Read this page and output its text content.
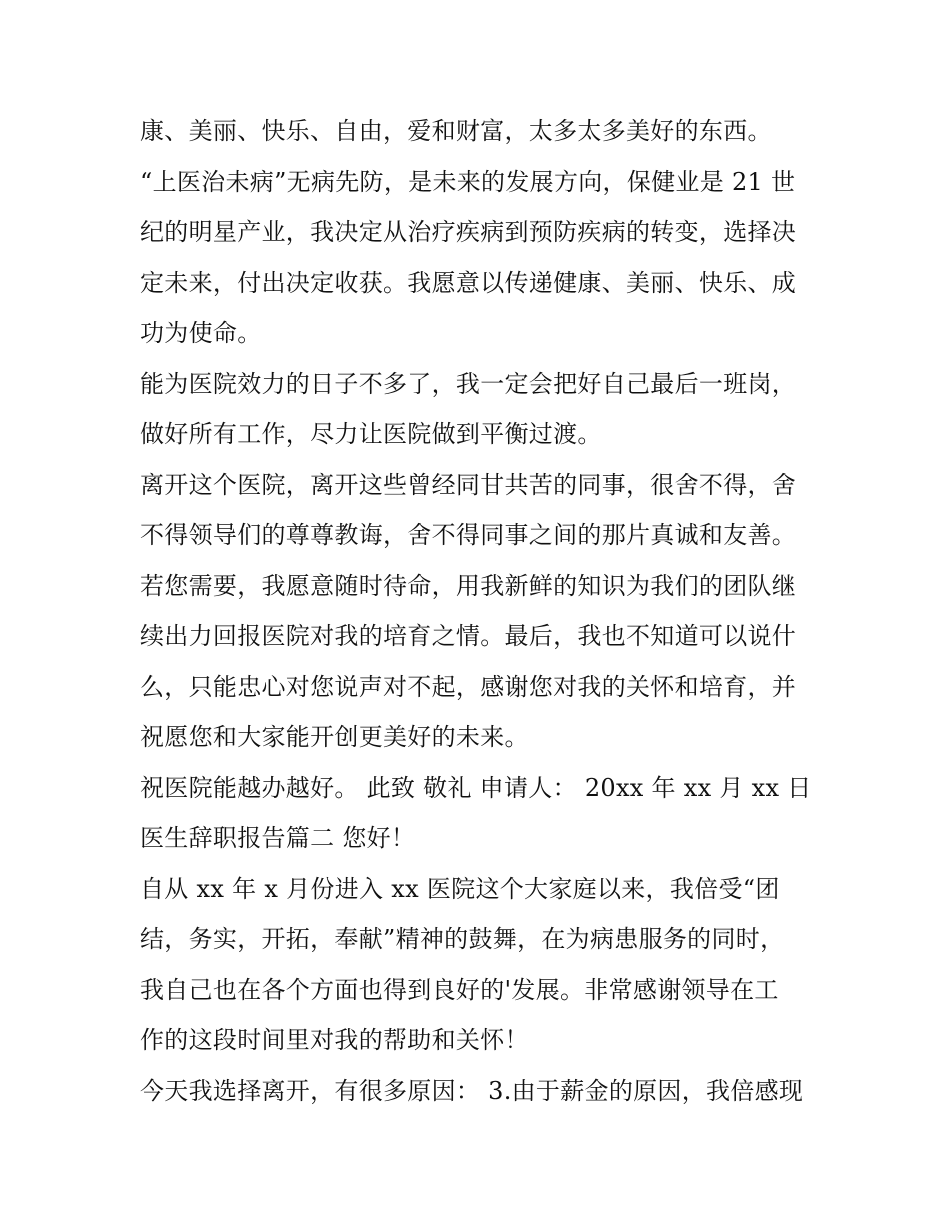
康、美丽、快乐、自由，爱和财富，太多太多美好的东西。
“上医治未病”无病先防，是未来的发展方向，保健业是 21 世
纪的明星产业，我决定从治疗疾病到预防疾病的转变，选择决
定未来，付出决定收获。我愿意以传递健康、美丽、快乐、成
功为使命。
能为医院效力的日子不多了，我一定会把好自己最后一班岗，
做好所有工作，尽力让医院做到平衡过渡。
离开这个医院，离开这些曾经同甘共苦的同事，很舍不得，舍
不得领导们的尊尊教诲，舍不得同事之间的那片真诚和友善。
若您需要，我愿意随时待命，用我新鲜的知识为我们的团队继
续出力回报医院对我的培育之情。最后，我也不知道可以说什
么，只能忠心对您说声对不起，感谢您对我的关怀和培育，并
祝愿您和大家能开创更美好的未来。
祝医院能越办越好。 此致 敬礼 申请人： 20xx 年 xx 月 xx 日
医生辞职报告篇二 您好！
自从 xx 年 x 月份进入 xx 医院这个大家庭以来，我倍受“团
结，务实，开拓，奉献”精神的鼓舞，在为病患服务的同时，
我自己也在各个方面也得到良好的'发展。非常感谢领导在工
作的这段时间里对我的帮助和关怀！
今天我选择离开，有很多原因： 3.由于薪金的原因，我倍感现
